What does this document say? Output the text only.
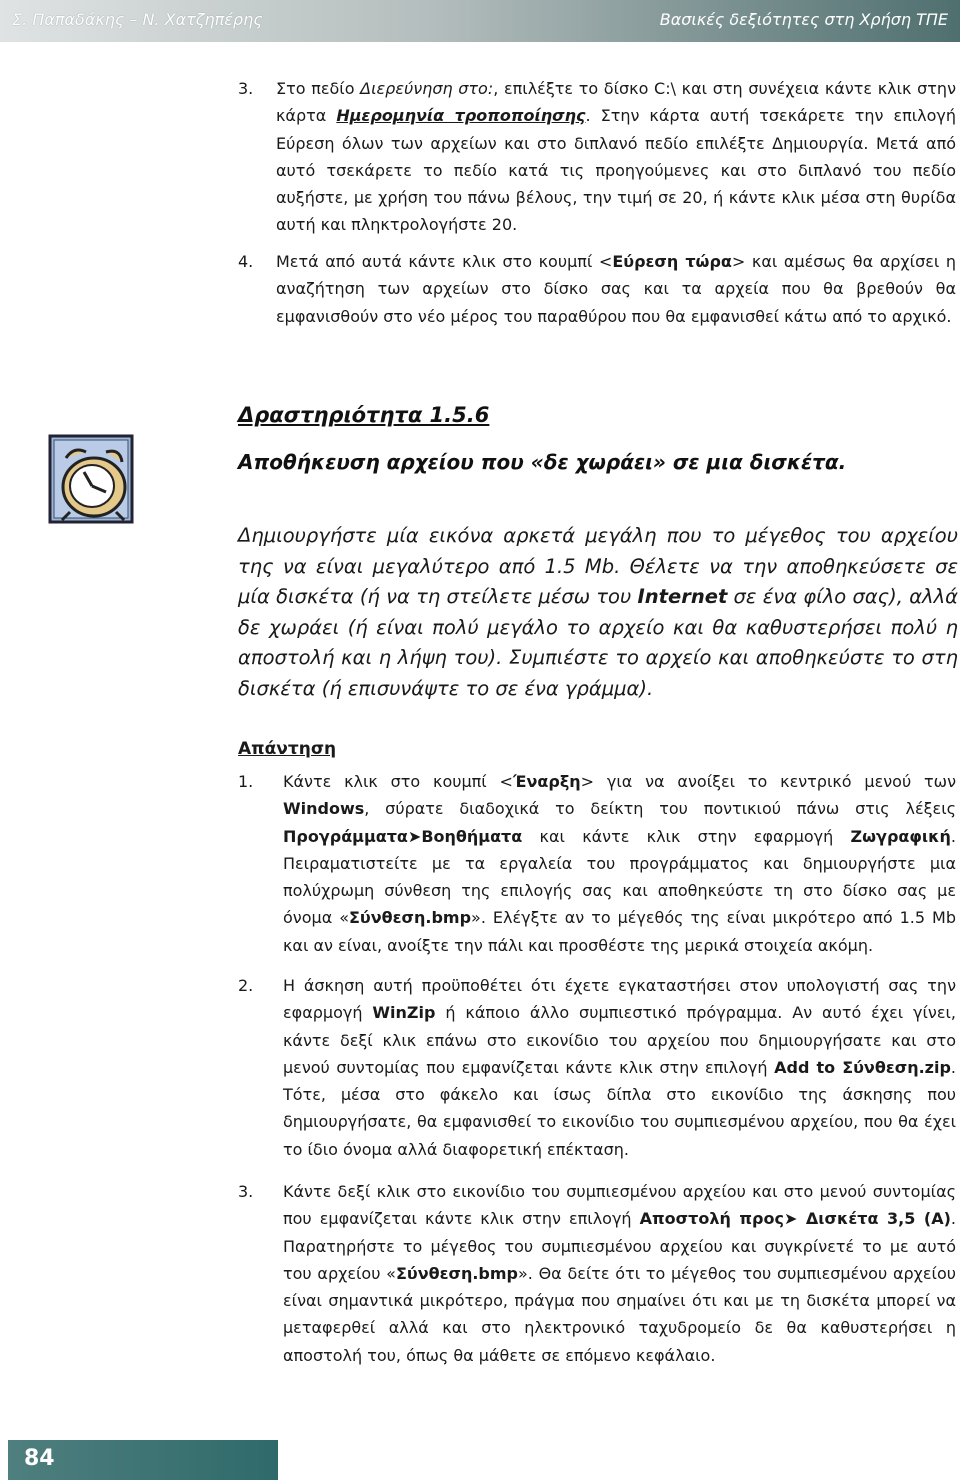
Σ. Παπαδάκης – Ν. Χατζηπέρης	Βασικές δεξιότητες στη Χρήση ΤΠΕ
3. Στο πεδίο Διερεύνηση στο:, επιλέξτε το δίσκο C:\ και στη συνέχεια κάντε κλικ στην κάρτα Ημερομηνία τροποποίησης. Στην κάρτα αυτή τσεκάρετε την επιλογή Εύρεση όλων των αρχείων και στο διπλανό πεδίο επιλέξτε Δημιουργία. Μετά από αυτό τσεκάρετε το πεδίο κατά τις προηγούμενες και στο διπλανό του πεδίο αυξήστε, με χρήση του πάνω βέλους, την τιμή σε 20, ή κάντε κλικ μέσα στη θυρίδα αυτή και πληκτρολογήστε 20.
4. Μετά από αυτά κάντε κλικ στο κουμπί <Εύρεση τώρα> και αμέσως θα αρχίσει η αναζήτηση των αρχείων στο δίσκο σας και τα αρχεία που θα βρεθούν θα εμφανισθούν στο νέο μέρος του παραθύρου που θα εμφανισθεί κάτω από το αρχικό.
Δραστηριότητα 1.5.6
Αποθήκευση αρχείου που «δε χωράει» σε μια δισκέτα.
Δημιουργήστε μία εικόνα αρκετά μεγάλη που το μέγεθος του αρχείου της να είναι μεγαλύτερο από 1.5 Mb. Θέλετε να την αποθηκεύσετε σε μία δισκέτα (ή να τη στείλετε μέσω του Internet σε ένα φίλο σας), αλλά δε χωράει (ή είναι πολύ μεγάλο το αρχείο και θα καθυστερήσει πολύ η αποστολή και η λήψη του). Συμπιέστε το αρχείο και αποθηκεύστε το στη δισκέτα (ή επισυνάψτε το σε ένα γράμμα).
Απάντηση
1. Κάντε κλικ στο κουμπί <Έναρξη> για να ανοίξει το κεντρικό μενού των Windows, σύρατε διαδοχικά το δείκτη του ποντικιού πάνω στις λέξεις Προγράμματα➤Βοηθήματα και κάντε κλικ στην εφαρμογή Ζωγραφική. Πειραματιστείτε με τα εργαλεία του προγράμματος και δημιουργήστε μια πολύχρωμη σύνθεση της επιλογής σας και αποθηκεύστε τη στο δίσκο σας με όνομα «Σύνθεση.bmp». Ελέγξτε αν το μέγεθός της είναι μικρότερο από 1.5 Mb και αν είναι, ανοίξτε την πάλι και προσθέστε της μερικά στοιχεία ακόμη.
2. Η άσκηση αυτή προϋποθέτει ότι έχετε εγκαταστήσει στον υπολογιστή σας την εφαρμογή WinZip ή κάποιο άλλο συμπιεστικό πρόγραμμα. Αν αυτό έχει γίνει, κάντε δεξί κλικ επάνω στο εικονίδιο του αρχείου που δημιουργήσατε και στο μενού συντομίας που εμφανίζεται κάντε κλικ στην επιλογή Add to Σύνθεση.zip. Τότε, μέσα στο φάκελο και ίσως δίπλα στο εικονίδιο της άσκησης που δημιουργήσατε, θα εμφανισθεί το εικονίδιο του συμπιεσμένου αρχείου, που θα έχει το ίδιο όνομα αλλά διαφορετική επέκταση.
3. Κάντε δεξί κλικ στο εικονίδιο του συμπιεσμένου αρχείου και στο μενού συντομίας που εμφανίζεται κάντε κλικ στην επιλογή Αποστολή προς➤ Δισκέτα 3,5 (A). Παρατηρήστε το μέγεθος του συμπιεσμένου αρχείου και συγκρίνετέ το με αυτό του αρχείου «Σύνθεση.bmp». Θα δείτε ότι το μέγεθος του συμπιεσμένου αρχείου είναι σημαντικά μικρότερο, πράγμα που σημαίνει ότι και με τη δισκέτα μπορεί να μεταφερθεί αλλά και στο ηλεκτρονικό ταχυδρομείο δε θα καθυστερήσει η αποστολή του, όπως θα μάθετε σε επόμενο κεφάλαιο.
84
